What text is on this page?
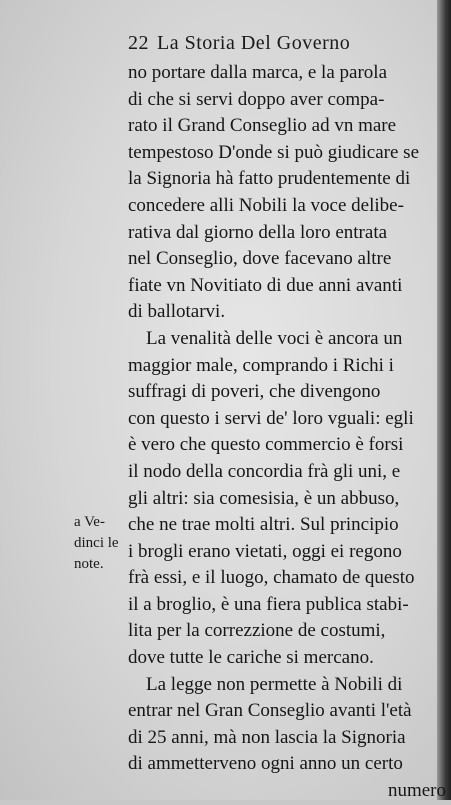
22 La Storia Del Governo
no portare dalla marca, e la parola
di che si servi doppo aver compa-
rato il Grand Conseglio ad vn mare
tempestoso D'onde si può giudicare se
la Signoria hà fatto prudentemente di
concedere alli Nobili la voce delibe-
rativa dal giorno della loro entrata
nel Conseglio, dove facevano altre
fiate vn Novitiato di due anni avanti
di ballotarvi.
La venalità delle voci è ancora un
maggior male, comprando i Richi i
suffragi di poveri, che divengono
con questo i servi de' loro vguali: egli
è vero che questo commercio è forsi
il nodo della concordia frà gli uni, e
gli altri: sia comesisia, è un abbuso,
che ne trae molti altri. Sul principio
i brogli erano vietati, oggi ei regono
frà essi, e il luogo, chamato de questo
il a broglio, è una fiera publica stabi-
lita per la correzzione de costumi,
dove tutte le cariche si mercano.
La legge non permette à Nobili di
entrar nel Gran Conseglio avanti l'età
di 25 anni, mà non lascia la Signoria
di ammetterveno ogni anno un certo
numero
a Ve-
dinci le
note.
